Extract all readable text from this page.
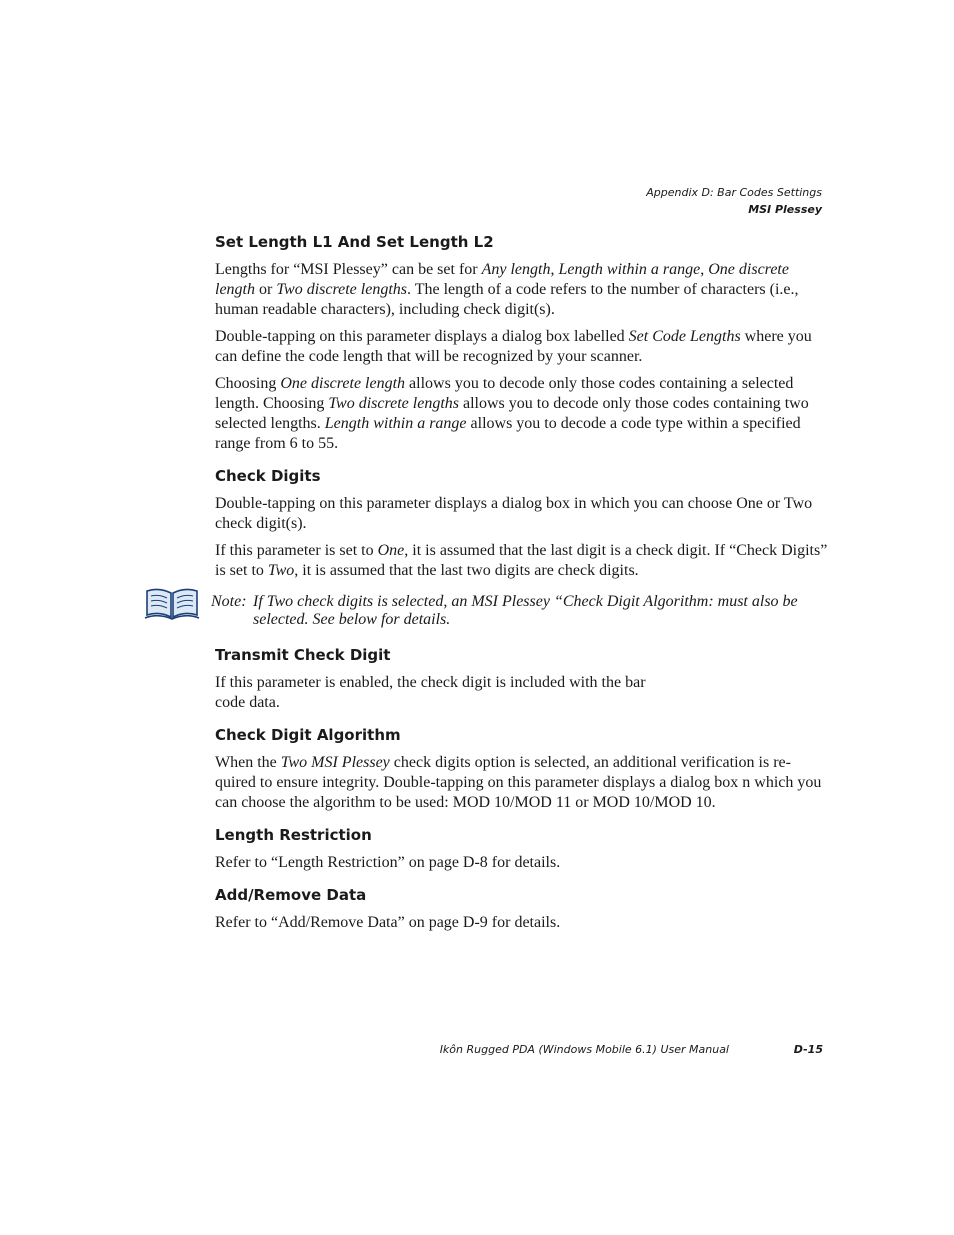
Appendix D: Bar Codes Settings
MSI Plessey
Set Length L1 And Set Length L2

Lengths for “MSI Plessey” can be set for Any length, Length within a range, One discrete length or Two discrete lengths. The length of a code refers to the number of characters (i.e., human readable characters), including check digit(s).

Double-tapping on this parameter displays a dialog box labelled Set Code Lengths where you can define the code length that will be recognized by your scanner.

Choosing One discrete length allows you to decode only those codes containing a selected length. Choosing Two discrete lengths allows you to decode only those codes containing two selected lengths. Length within a range allows you to decode a code type within a specified range from 6 to 55.

Check Digits

Double-tapping on this parameter displays a dialog box in which you can choose One or Two check digit(s).

If this parameter is set to One, it is assumed that the last digit is a check digit. If “Check Digits” is set to Two, it is assumed that the last two digits are check digits.

Note: If Two check digits is selected, an MSI Plessey “Check Digit Algorithm: must also be selected. See below for details.
Transmit Check Digit

If this parameter is enabled, the check digit is included with the bar
code data.

Check Digit Algorithm

When the Two MSI Plessey check digits option is selected, an additional verification is re-quired to ensure integrity. Double-tapping on this parameter displays a dialog box n which you can choose the algorithm to be used: MOD 10/MOD 11 or MOD 10/MOD 10.

Length Restriction

Refer to “Length Restriction” on page D-8 for details.

Add/Remove Data

Refer to “Add/Remove Data” on page D-9 for details.

Ikôn Rugged PDA (Windows Mobile 6.1) User Manual	D-15
